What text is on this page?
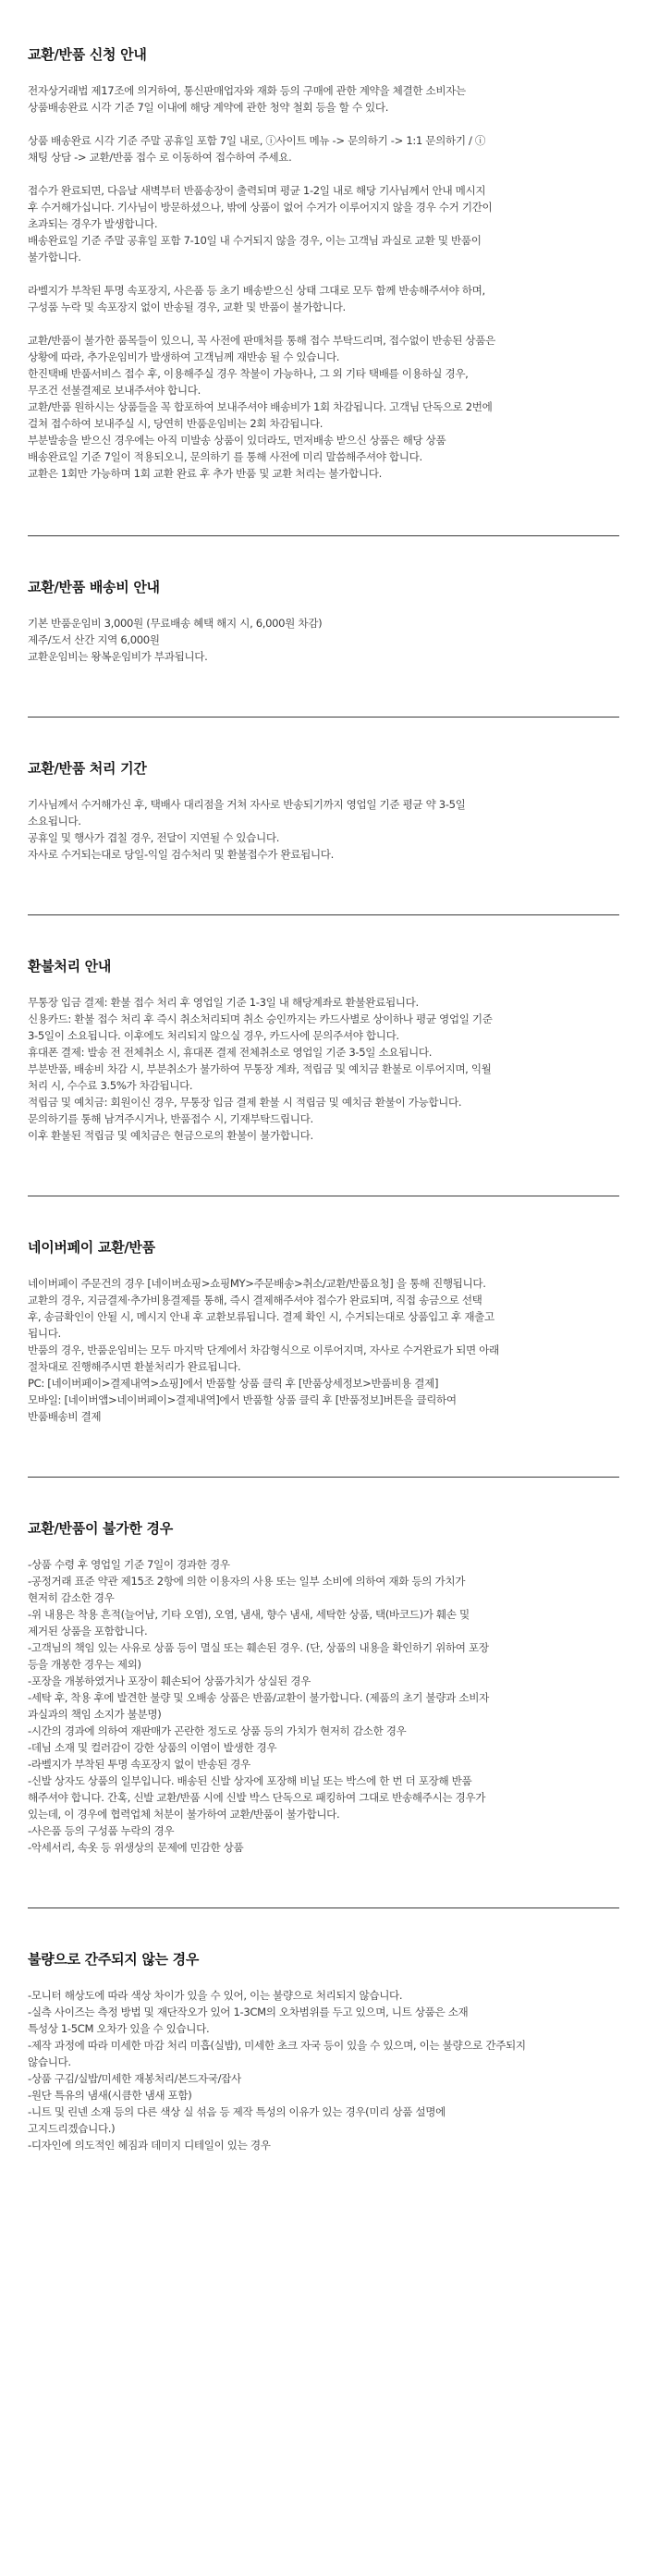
교환/반품 신청 안내

전자상거래법 제17조에 의거하여, 통신판매업자와 재화 등의 구매에 관한 계약을 체결한 소비자는
상품배송완료 시각 기준 7일 이내에 해당 계약에 관한 청약 철회 등을 할 수 있다.

상품 배송완료 시각 기준 주말 공휴일 포함 7일 내로, ⓘ사이트 메뉴 -> 문의하기 -> 1:1 문의하기 / ⓘ
채팅 상담 -> 교환/반품 접수 로 이동하여 접수하여 주세요.

접수가 완료되면, 다음날 새벽부터 반품송장이 출력되며 평균 1-2일 내로 해당 기사님께서 안내 메시지
후 수거해가십니다. 기사님이 방문하셨으나, 밖에 상품이 없어 수거가 이루어지지 않을 경우 수거 기간이
초과되는 경우가 발생합니다.
배송완료일 기준 주말 공휴일 포함 7-10일 내 수거되지 않을 경우, 이는 고객님 과실로 교환 및 반품이
불가합니다.

라벨지가 부착된 투명 속포장지, 사은품 등 초기 배송받으신 상태 그대로 모두 함께 반송해주셔야 하며,
구성품 누락 및 속포장지 없이 반송될 경우, 교환 및 반품이 불가합니다.

교환/반품이 불가한 품목들이 있으니, 꼭 사전에 판매처를 통해 접수 부탁드리며, 접수없이 반송된 상품은
상황에 따라, 추가운임비가 발생하여 고객님께 재반송 될 수 있습니다.
한진택배 반품서비스 접수 후, 이용해주실 경우 착불이 가능하나, 그 외 기타 택배를 이용하실 경우,
무조건 선불결제로 보내주셔야 합니다.
교환/반품 원하시는 상품들을 꼭 합포하여 보내주셔야 배송비가 1회 차감됩니다. 고객님 단독으로 2번에
걸쳐 접수하여 보내주실 시, 당연히 반품운임비는 2회 차감됩니다.
부분발송을 받으신 경우에는 아직 미발송 상품이 있더라도, 먼저배송 받으신 상품은 해당 상품
배송완료일 기준 7일이 적용되오니, 문의하기 를 통해 사전에 미리 말씀해주셔야 합니다.
교환은 1회만 가능하며 1회 교환 완료 후 추가 반품 및 교환 처리는 불가합니다.

교환/반품 배송비 안내

기본 반품운임비 3,000원 (무료배송 혜택 해지 시, 6,000원 차감)
제주/도서 산간 지역 6,000원
교환운임비는 왕복운임비가 부과됩니다.

교환/반품 처리 기간

기사님께서 수거해가신 후, 택배사 대리점을 거쳐 자사로 반송되기까지 영업일 기준 평균 약 3-5일
소요됩니다.
공휴일 및 행사가 겹칠 경우, 전달이 지연될 수 있습니다.
자사로 수거되는대로 당일-익일 검수처리 및 환불접수가 완료됩니다.

환불처리 안내

무통장 입금 결제: 환불 접수 처리 후 영업일 기준 1-3일 내 해당계좌로 환불완료됩니다.
신용카드: 환불 접수 처리 후 즉시 취소처리되며 취소 승인까지는 카드사별로 상이하나 평균 영업일 기준
3-5일이 소요됩니다. 이후에도 처리되지 않으실 경우, 카드사에 문의주셔야 합니다.
휴대폰 결제: 발송 전 전체취소 시, 휴대폰 결제 전체취소로 영업일 기준 3-5일 소요됩니다.
부분반품, 배송비 차감 시, 부분취소가 불가하여 무통장 계좌, 적립금 및 예치금 환불로 이루어지며, 익월
처리 시, 수수료 3.5%가 차감됩니다.
적립금 및 예치금: 회원이신 경우, 무통장 입금 결제 환불 시 적립금 및 예치금 환불이 가능합니다.
문의하기를 통해 남겨주시거나, 반품접수 시, 기재부탁드립니다.
이후 환불된 적립금 및 예치금은 현금으로의 환불이 불가합니다.

네이버페이 교환/반품

네이버페이 주문건의 경우 [네이버쇼핑>쇼핑MY>주문배송>취소/교환/반품요청] 을 통해 진행됩니다.
교환의 경우, 지금결제·추가비용결제를 통해, 즉시 결제해주셔야 접수가 완료되며, 직접 송금으로 선택
후, 송금확인이 안될 시, 메시지 안내 후 교환보류됩니다. 결제 확인 시, 수거되는대로 상품입고 후 재출고
됩니다.
반품의 경우, 반품운임비는 모두 마지막 단계에서 차감형식으로 이루어지며, 자사로 수거완료가 되면 아래
절차대로 진행해주시면 환불처리가 완료됩니다.
PC: [네이버페이>결제내역>쇼핑]에서 반품할 상품 클릭 후 [반품상세정보>반품비용 결제]
모바일: [네이버앱>네이버페이>결제내역]에서 반품할 상품 클릭 후 [반품정보]버튼을 클릭하여
반품배송비 결제

교환/반품이 불가한 경우

-상품 수령 후 영업일 기준 7일이 경과한 경우
-공정거래 표준 약관 제15조 2항에 의한 이용자의 사용 또는 일부 소비에 의하여 재화 등의 가치가
현저히 감소한 경우
-위 내용은 착용 흔적(늘어남, 기타 오염), 오염, 냄새, 향수 냄새, 세탁한 상품, 택(바코드)가 훼손 및
제거된 상품을 포함합니다.
-고객님의 책임 있는 사유로 상품 등이 멸실 또는 훼손된 경우. (단, 상품의 내용을 확인하기 위하여 포장
등을 개봉한 경우는 제외)
-포장을 개봉하였거나 포장이 훼손되어 상품가치가 상실된 경우
-세탁 후, 착용 후에 발견한 불량 및 오배송 상품은 반품/교환이 불가합니다. (제품의 초기 불량과 소비자
과실과의 책임 소지가 불분명)
-시간의 경과에 의하여 재판매가 곤란한 정도로 상품 등의 가치가 현저히 감소한 경우
-데님 소재 및 컬러감이 강한 상품의 이염이 발생한 경우
-라벨지가 부착된 투명 속포장지 없이 반송된 경우
-신발 상자도 상품의 일부입니다. 배송된 신발 상자에 포장해 비닐 또는 박스에 한 번 더 포장해 반품
해주셔야 합니다. 간혹, 신발 교환/반품 시에 신발 박스 단독으로 패킹하여 그대로 반송해주시는 경우가
있는데, 이 경우에 협력업체 처분이 불가하여 교환/반품이 불가합니다.
-사은품 등의 구성품 누락의 경우
-악세서리, 속옷 등 위생상의 문제에 민감한 상품

불량으로 간주되지 않는 경우

-모니터 해상도에 따라 색상 차이가 있을 수 있어, 이는 불량으로 처리되지 않습니다.
-실측 사이즈는 측정 방법 및 재단작오가 있어 1-3CM의 오차범위를 두고 있으며, 니트 상품은 소재
특성상 1-5CM 오차가 있을 수 있습니다.
-제작 과정에 따라 미세한 마감 처리 미흡(실밥), 미세한 초크 자국 등이 있을 수 있으며, 이는 불량으로 간주되지
않습니다.
-상품 구김/실밥/미세한 재봉처리/본드자국/잡사
-원단 특유의 냄새(시큼한 냄새 포함)
-니트 및 린넨 소재 등의 다른 색상 실 섞음 등 제작 특성의 이유가 있는 경우(미리 상품 설명에
고지드리겠습니다.)
-디자인에 의도적인 헤짐과 데미지 디테일이 있는 경우
